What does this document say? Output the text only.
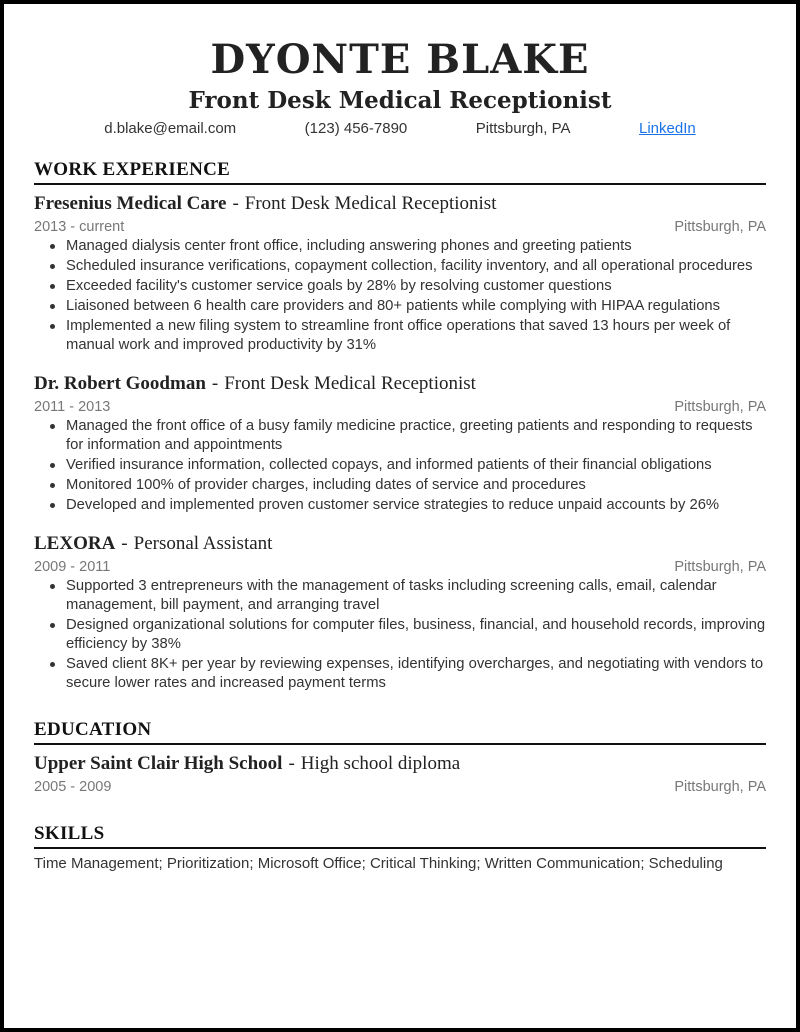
DYONTE BLAKE
Front Desk Medical Receptionist
d.blake@email.com	(123) 456-7890	Pittsburgh, PA	LinkedIn
WORK EXPERIENCE
Fresenius Medical Care - Front Desk Medical Receptionist
2013 - current	Pittsburgh, PA
Managed dialysis center front office, including answering phones and greeting patients
Scheduled insurance verifications, copayment collection, facility inventory, and all operational procedures
Exceeded facility's customer service goals by 28% by resolving customer questions
Liaisoned between 6 health care providers and 80+ patients while complying with HIPAA regulations
Implemented a new filing system to streamline front office operations that saved 13 hours per week of manual work and improved productivity by 31%
Dr. Robert Goodman - Front Desk Medical Receptionist
2011 - 2013	Pittsburgh, PA
Managed the front office of a busy family medicine practice, greeting patients and responding to requests for information and appointments
Verified insurance information, collected copays, and informed patients of their financial obligations
Monitored 100% of provider charges, including dates of service and procedures
Developed and implemented proven customer service strategies to reduce unpaid accounts by 26%
LEXORA - Personal Assistant
2009 - 2011	Pittsburgh, PA
Supported 3 entrepreneurs with the management of tasks including screening calls, email, calendar management, bill payment, and arranging travel
Designed organizational solutions for computer files, business, financial, and household records, improving efficiency by 38%
Saved client 8K+ per year by reviewing expenses, identifying overcharges, and negotiating with vendors to secure lower rates and increased payment terms
EDUCATION
Upper Saint Clair High School - High school diploma
2005 - 2009	Pittsburgh, PA
SKILLS
Time Management; Prioritization; Microsoft Office; Critical Thinking; Written Communication; Scheduling
